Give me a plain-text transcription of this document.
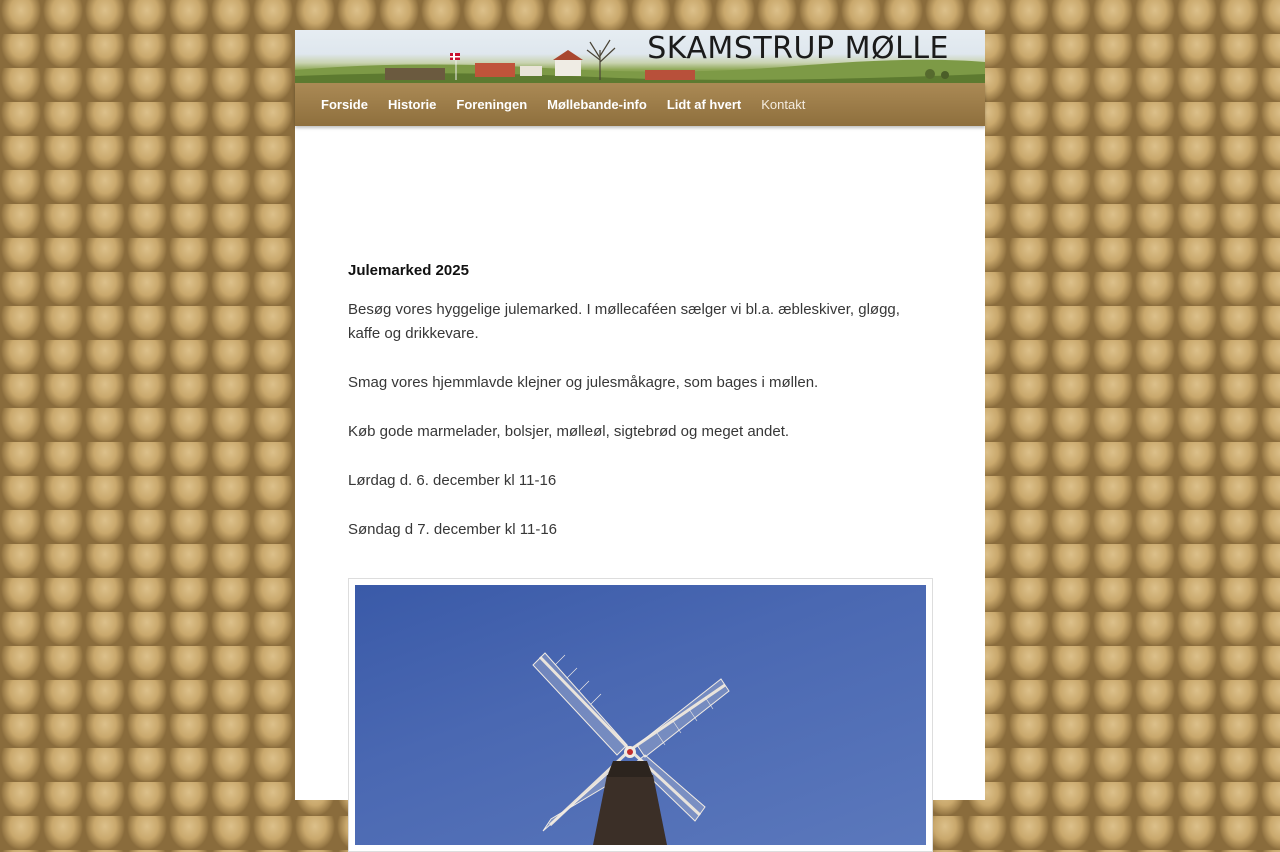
SKAMSTRUP MØLLE
Forside	Historie	Foreningen	Møllebande-info	Lidt af hvert	Kontakt
Julemarked 2025

Besøg vores hyggelige julemarked. I møllecaféen sælger vi bl.a. æbleskiver, gløgg, kaffe og drikkevare.

Smag vores hjemmlavde klejner og julesmåkagre, som bages i møllen.

Køb gode marmelader, bolsjer, mølleøl, sigtebrød og meget andet.

Lørdag d. 6. december kl 11-16

Søndag d 7. december kl 11-16
